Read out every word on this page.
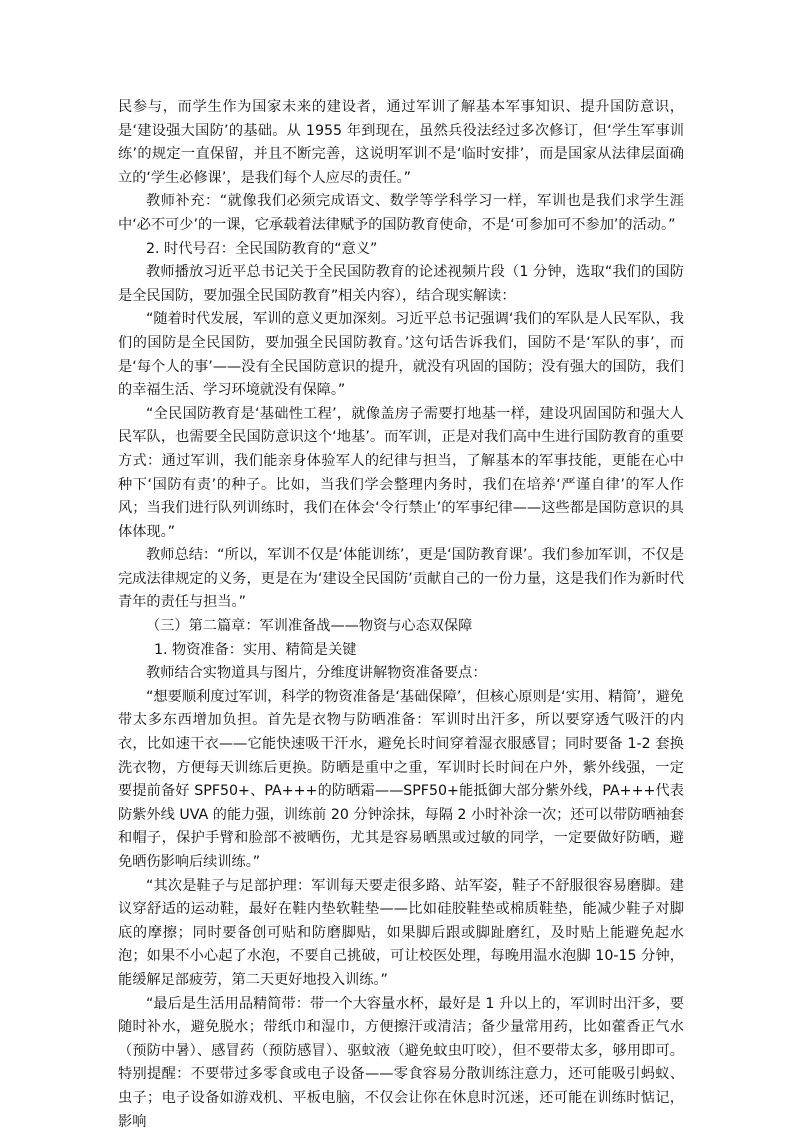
民参与，而学生作为国家未来的建设者，通过军训了解基本军事知识、提升国防意识，是‘建设强大国防’的基础。从 1955 年到现在，虽然兵役法经过多次修订，但‘学生军事训练’的规定一直保留，并且不断完善，这说明军训不是‘临时安排’，而是国家从法律层面确立的‘学生必修课’，是我们每个人应尽的责任。”

教师补充：“就像我们必须完成语文、数学等学科学习一样，军训也是我们求学生涯中‘必不可少’的一课，它承载着法律赋予的国防教育使命，不是‘可参加可不参加’的活动。”

2. 时代号召：全民国防教育的“意义”

教师播放习近平总书记关于全民国防教育的论述视频片段（1 分钟，选取“我们的国防是全民国防，要加强全民国防教育”相关内容），结合现实解读：

“随着时代发展，军训的意义更加深刻。习近平总书记强调‘我们的军队是人民军队，我们的国防是全民国防，要加强全民国防教育。’这句话告诉我们，国防不是‘军队的事’，而是‘每个人的事’——没有全民国防意识的提升，就没有巩固的国防；没有强大的国防，我们的幸福生活、学习环境就没有保障。”

“全民国防教育是‘基础性工程’，就像盖房子需要打地基一样，建设巩固国防和强大人民军队，也需要全民国防意识这个‘地基’。而军训，正是对我们高中生进行国防教育的重要方式：通过军训，我们能亲身体验军人的纪律与担当，了解基本的军事技能，更能在心中种下‘国防有责’的种子。比如，当我们学会整理内务时，我们在培养‘严谨自律’的军人作风；当我们进行队列训练时，我们在体会‘令行禁止’的军事纪律——这些都是国防意识的具体体现。”

教师总结：“所以，军训不仅是‘体能训练’，更是‘国防教育课’。我们参加军训，不仅是完成法律规定的义务，更是在为‘建设全民国防’贡献自己的一份力量，这是我们作为新时代青年的责任与担当。”

（三）第二篇章：军训准备战——物资与心态双保障

1. 物资准备：实用、精简是关键

教师结合实物道具与图片，分维度讲解物资准备要点：

“想要顺利度过军训，科学的物资准备是‘基础保障’，但核心原则是‘实用、精简’，避免带太多东西增加负担。首先是衣物与防晒准备：军训时出汗多，所以要穿透气吸汗的内衣，比如速干衣——它能快速吸干汗水，避免长时间穿着湿衣服感冒；同时要备 1-2 套换洗衣物，方便每天训练后更换。防晒是重中之重，军训时长时间在户外，紫外线强，一定要提前备好 SPF50+、PA+++的防晒霜——SPF50+能抵御大部分紫外线，PA+++代表防紫外线 UVA 的能力强，训练前 20 分钟涂抹，每隔 2 小时补涂一次；还可以带防晒袖套和帽子，保护手臂和脸部不被晒伤，尤其是容易晒黑或过敏的同学，一定要做好防晒，避免晒伤影响后续训练。”

“其次是鞋子与足部护理：军训每天要走很多路、站军姿，鞋子不舒服很容易磨脚。建议穿舒适的运动鞋，最好在鞋内垫软鞋垫——比如硅胶鞋垫或棉质鞋垫，能减少鞋子对脚底的摩擦；同时要备创可贴和防磨脚贴，如果脚后跟或脚趾磨红，及时贴上能避免起水泡；如果不小心起了水泡，不要自己挑破，可让校医处理，每晚用温水泡脚 10-15 分钟，能缓解足部疲劳，第二天更好地投入训练。”

“最后是生活用品精简带：带一个大容量水杯，最好是 1 升以上的，军训时出汗多，要随时补水，避免脱水；带纸巾和湿巾，方便擦汗或清洁；备少量常用药，比如藿香正气水（预防中暑）、感冒药（预防感冒）、驱蚊液（避免蚊虫叮咬），但不要带太多，够用即可。特别提醒：不要带过多零食或电子设备——零食容易分散训练注意力，还可能吸引蚂蚁、虫子；电子设备如游戏机、平板电脑，不仅会让你在休息时沉迷，还可能在训练时惦记，影响
